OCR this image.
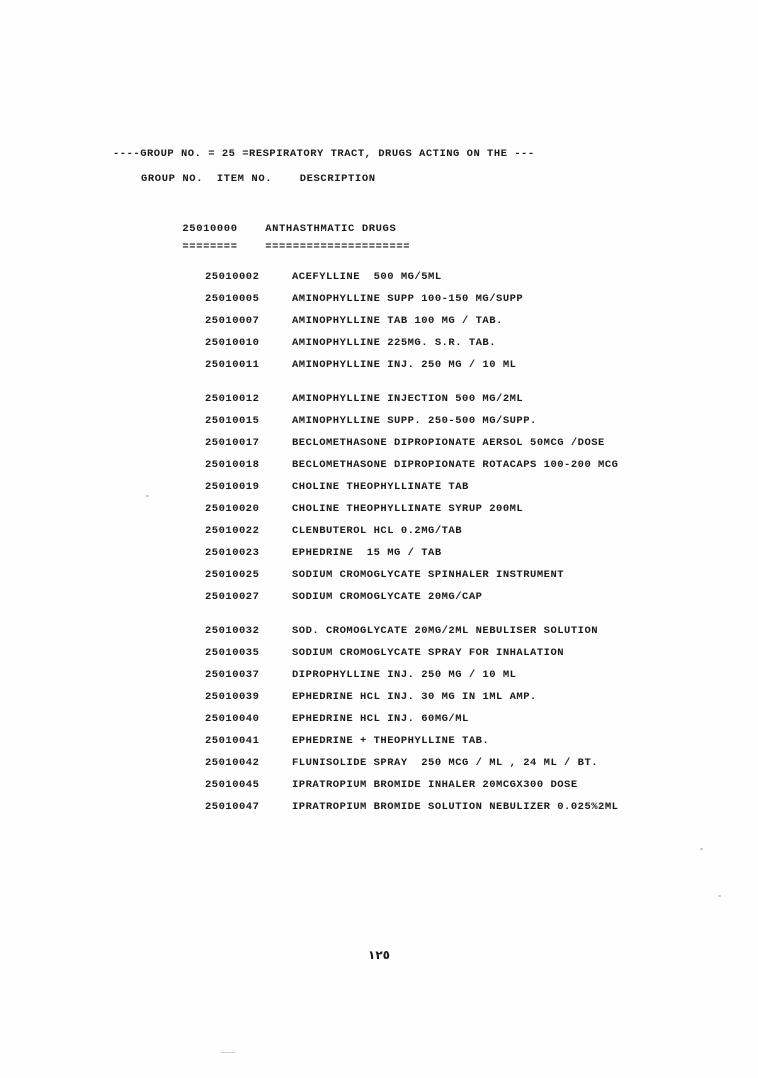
----GROUP NO. = 25 =RESPIRATORY TRACT, DRUGS ACTING ON THE ---
GROUP NO.  ITEM NO.    DESCRIPTION

25010000	ANTHASTHMATIC DRUGS

========	=====================

25010002	ACEFYLLINE  500 MG/5ML
25010005	AMINOPHYLLINE SUPP 100-150 MG/SUPP
25010007	AMINOPHYLLINE TAB 100 MG / TAB.
25010010	AMINOPHYLLINE 225MG. S.R. TAB.
25010011	AMINOPHYLLINE INJ. 250 MG / 10 ML
25010012	AMINOPHYLLINE INJECTION 500 MG/2ML
25010015	AMINOPHYLLINE SUPP. 250-500 MG/SUPP.
25010017	BECLOMETHASONE DIPROPIONATE AERSOL 50MCG /DOSE
25010018	BECLOMETHASONE DIPROPIONATE ROTACAPS 100-200 MCG
25010019	CHOLINE THEOPHYLLINATE TAB
25010020	CHOLINE THEOPHYLLINATE SYRUP 200ML
25010022	CLENBUTEROL HCL 0.2MG/TAB
25010023	EPHEDRINE  15 MG / TAB
25010025	SODIUM CROMOGLYCATE SPINHALER INSTRUMENT
25010027	SODIUM CROMOGLYCATE 20MG/CAP
25010032	SOD. CROMOGLYCATE 20MG/2ML NEBULISER SOLUTION
25010035	SODIUM CROMOGLYCATE SPRAY FOR INHALATION
25010037	DIPROPHYLLINE INJ. 250 MG / 10 ML
25010039	EPHEDRINE HCL INJ. 30 MG IN 1ML AMP.
25010040	EPHEDRINE HCL INJ. 60MG/ML
25010041	EPHEDRINE + THEOPHYLLINE TAB.
25010042	FLUNISOLIDE SPRAY  250 MCG / ML , 24 ML / BT.
25010045	IPRATROPIUM BROMIDE INHALER 20MCGX300 DOSE
25010047	IPRATROPIUM BROMIDE SOLUTION NEBULIZER 0.025%2ML
١٢٥
